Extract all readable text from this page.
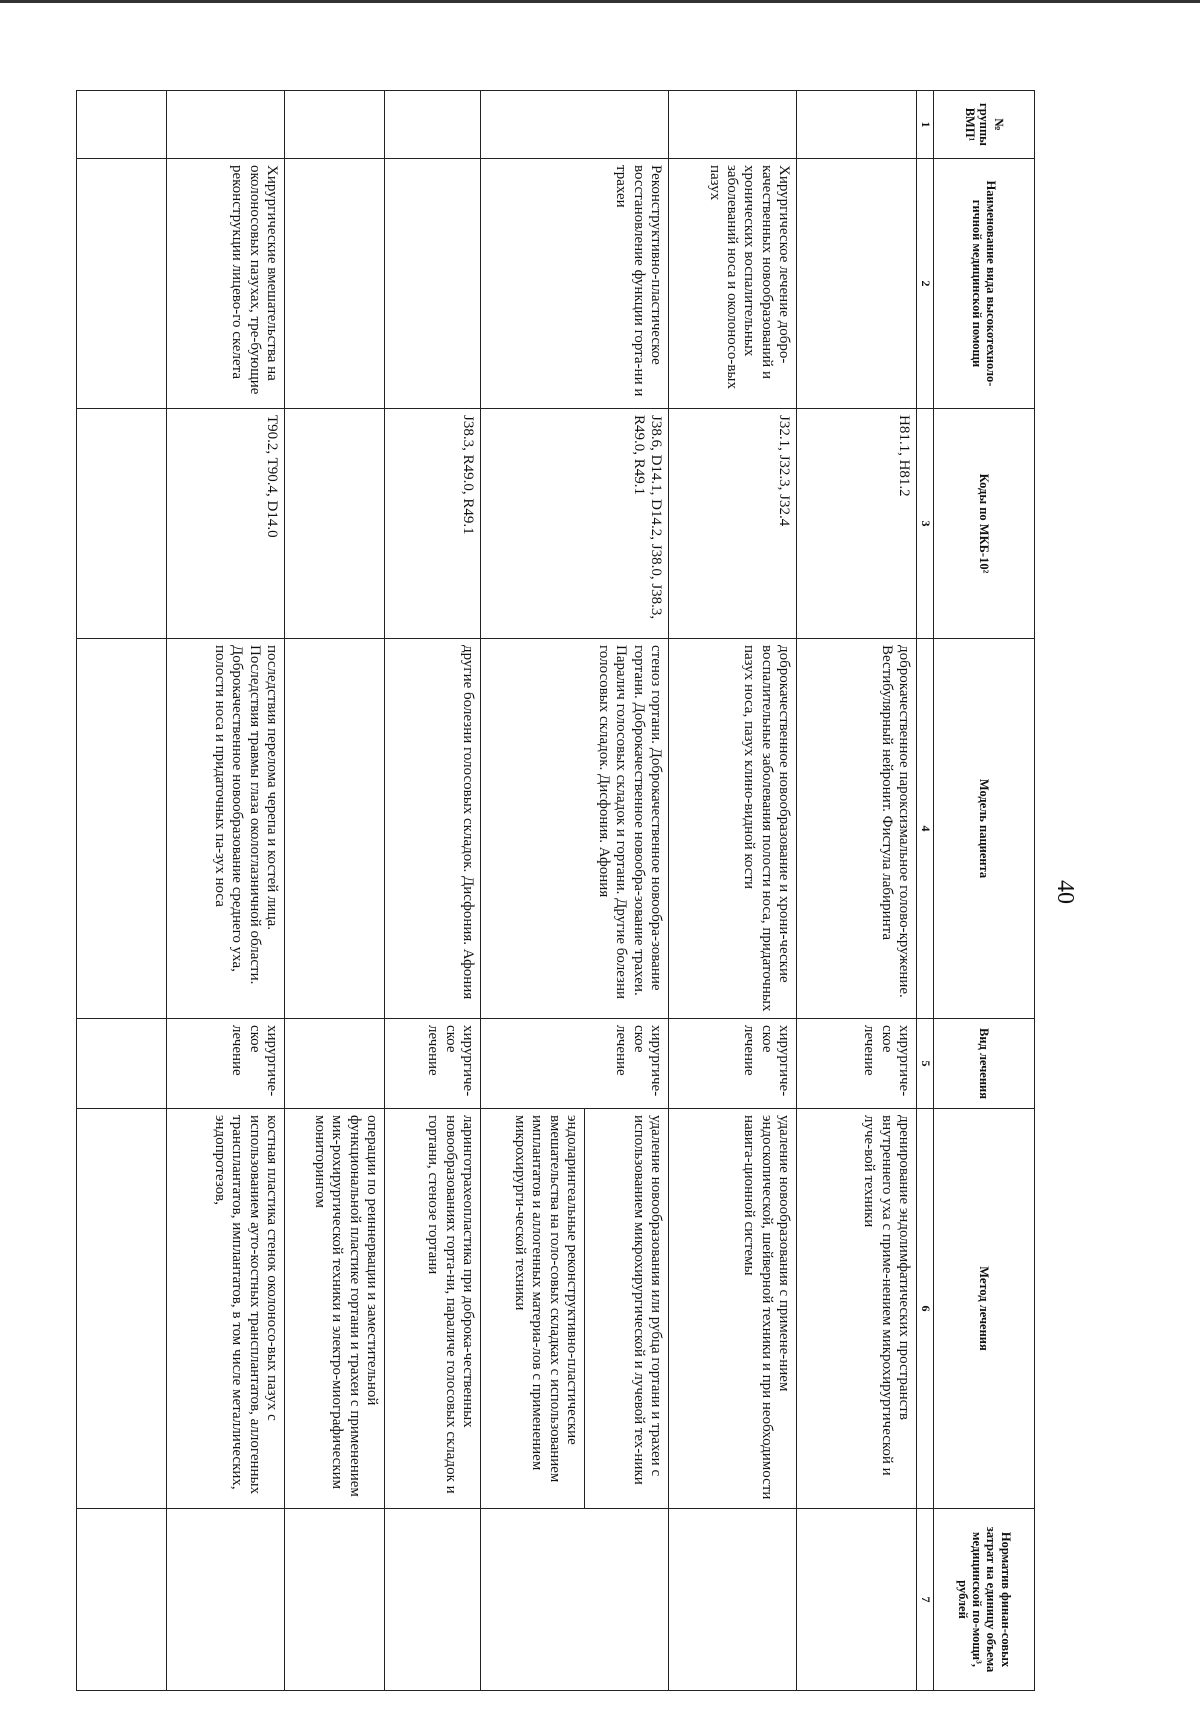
40
№ группы ВМП¹	Наименование вида высокотехноло-гичной медицинской помощи	Коды по МКБ-10²	Модель пациента	Вид лечения	Метод лечения	Норматив финан-совых затрат на единицу объема медицинской по-мощи³, рублей
1	2	3	4	5	6	7
		H81.1, H81.2	доброкачественное пароксизмальное голово-кружение. Вестибулярный нейронит. Фистула лабиринта	хирургиче-ское лечение	дренирование эндолимфатических пространств внутреннего уха с приме-нением микрохирургической и луче-вой техники	
	Хирургическое лечение добро-качественных новообразований и хронических воспалительных заболеваний носа и околоносо-вых пазух	J32.1, J32.3, J32.4	доброкачественное новообразование и хрони-ческие воспалительные заболевания полости носа, придаточных пазух носа, пазух клино-видной кости	хирургиче-ское лечение	удаление новообразования с примене-нием эндоскопической, шейверной техники и при необходимости навига-ционной системы	
	Реконструктивно-пластическое восстановление функции горта-ни и трахеи	J38.6, D14.1, D14.2, J38.0, J38.3, R49.0, R49.1	стеноз гортани. Доброкачественное новообра-зование гортани. Доброкачественное новообра-зование трахеи. Паралич голосовых складок и гортани. Другие болезни голосовых складок. Дисфония. Афония	хирургиче-ское лечение	удаление новообразования или рубца гортани и трахеи с использованием микрохирургической и лучевой тех-ники	
					эндоларингеальные реконструктивно-пластические вмешательства на голо-совых складках с использованием имплантатов и аллогенных материа-лов с применением микрохирурги-ческой техники	
		J38.3, R49.0, R49.1	другие болезни голосовых складок. Дисфония. Афония	хирургиче-ское лечение	ларинготрахеопластика при доброка-чественных новообразованиях горта-ни, параличе голосовых складок и гортани, стенозе гортани	
					операции по реиннервации и заместительной функциональной пластике гортани и трахеи с применением мик-рохирургической техники и электро-миографическим мониторингом	
	Хирургические вмешательства на околоносовых пазухах, тре-бующие реконструкции лицево-го скелета	T90.2, T90.4, D14.0	последствия перелома черепа и костей лица. Последствия травмы глаза окологлазничной области. Доброкачественное новообразование среднего уха, полости носа и придаточных па-зух носа	хирургиче-ское лечение	костная пластика стенок околоносо-вых пазух с использованием ауто-костных трансплантатов, аллогенных трансплантатов, имплантатов, в том числе металлических, эндопротезов,	
